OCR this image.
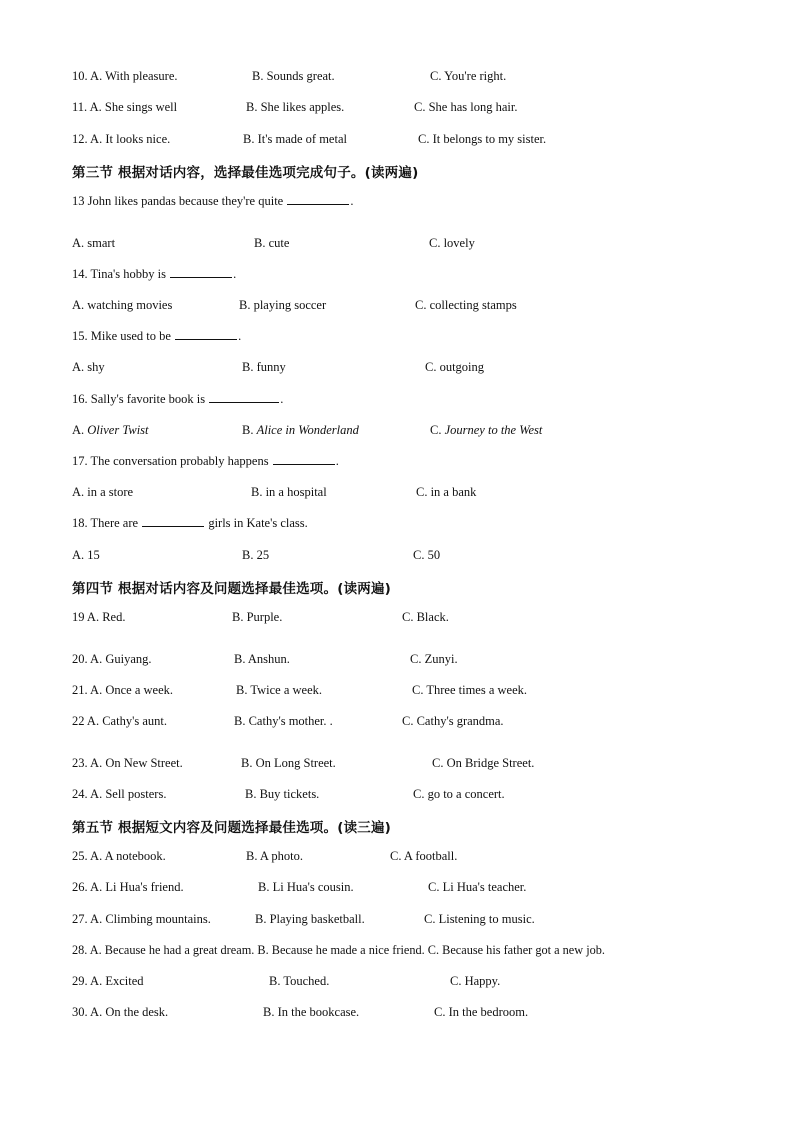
10. A. With pleasure.	B. Sounds great.	C. You're right.
11. A. She sings well	B. She likes apples.	C. She has long hair.
12. A. It looks nice.	B. It's made of metal	C. It belongs to my sister.
第三节 根据对话内容，选择最佳选项完成句子。(读两遍)
13 John likes pandas because they're quite	.
A. smart	B. cute	C. lovely
14. Tina's hobby is	.
A. watching movies	B. playing soccer	C. collecting stamps
15. Mike used to be	.
A. shy	B. funny	C. outgoing
16. Sally's favorite book is	.
A. Oliver Twist	B. Alice in Wonderland	C. Journey to the West
17. The conversation probably happens	.
A. in a store	B. in a hospital	C. in a bank
18. There are	girls in Kate's class.
A. 15	B. 25	C. 50
第四节 根据对话内容及问题选择最佳选项。(读两遍)
19 A. Red.	B. Purple.	C. Black.
20. A. Guiyang.	B. Anshun.	C. Zunyi.
21. A. Once a week.	B. Twice a week.	C. Three times a week.
22 A. Cathy's aunt.	B. Cathy's mother. .	C. Cathy's grandma.
23. A. On New Street.	B. On Long Street.	C. On Bridge Street.
24. A. Sell posters.	B. Buy tickets.	C. go to a concert.
第五节 根据短文内容及问题选择最佳选项。(读三遍)
25. A. A notebook.	B. A photo.	C. A football.
26. A. Li Hua's friend.	B. Li Hua's cousin.	C. Li Hua's teacher.
27. A. Climbing mountains.	B. Playing basketball.	C. Listening to music.
28. A. Because he had a great dream. B. Because he made a nice friend. C. Because his father got a new job.
29. A. Excited	B. Touched.	C. Happy.
30. A. On the desk.	B. In the bookcase.	C. In the bedroom.
